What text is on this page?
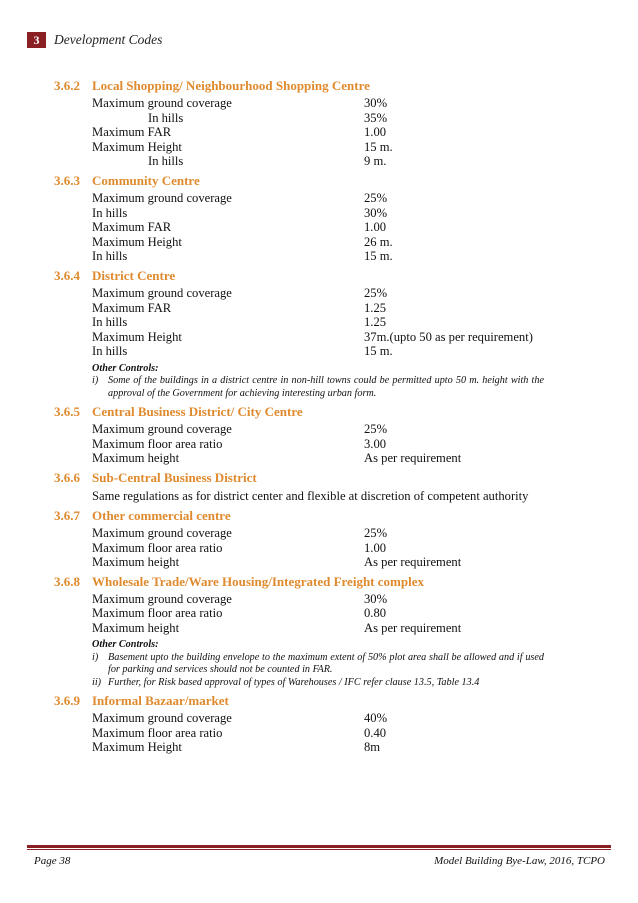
3	Development Codes
3.6.2 Local Shopping/ Neighbourhood Shopping Centre
Maximum ground coverage	30%
In hills	35%
Maximum FAR	1.00
Maximum Height	15 m.
In hills	9 m.
3.6.3 Community Centre
Maximum ground coverage	25%
In hills	30%
Maximum FAR	1.00
Maximum Height	26 m.
In hills	15 m.
3.6.4 District Centre
Maximum ground coverage	25%
Maximum FAR	1.25
In hills	1.25
Maximum Height	37m.(upto 50 as per requirement)
In hills	15 m.
Other Controls:
i) Some of the buildings in a district centre in non-hill towns could be permitted upto 50 m. height with the approval of the Government for achieving interesting urban form.
3.6.5 Central Business District/ City Centre
Maximum ground coverage	25%
Maximum floor area ratio	3.00
Maximum height	As per requirement
3.6.6 Sub-Central Business District
Same regulations as for district center and flexible at discretion of competent authority
3.6.7 Other commercial centre
Maximum ground coverage	25%
Maximum floor area ratio	1.00
Maximum height	As per requirement
3.6.8 Wholesale Trade/Ware Housing/Integrated Freight complex
Maximum ground coverage	30%
Maximum floor area ratio	0.80
Maximum height	As per requirement
Other Controls:
i) Basement upto the building envelope to the maximum extent of 50% plot area shall be allowed and if used for parking and services should not be counted in FAR.
ii) Further, for Risk based approval of types of Warehouses / IFC refer clause 13.5, Table 13.4
3.6.9 Informal Bazaar/market
Maximum ground coverage	40%
Maximum floor area ratio	0.40
Maximum Height	8m
Page 38	Model Building Bye-Law, 2016, TCPO
